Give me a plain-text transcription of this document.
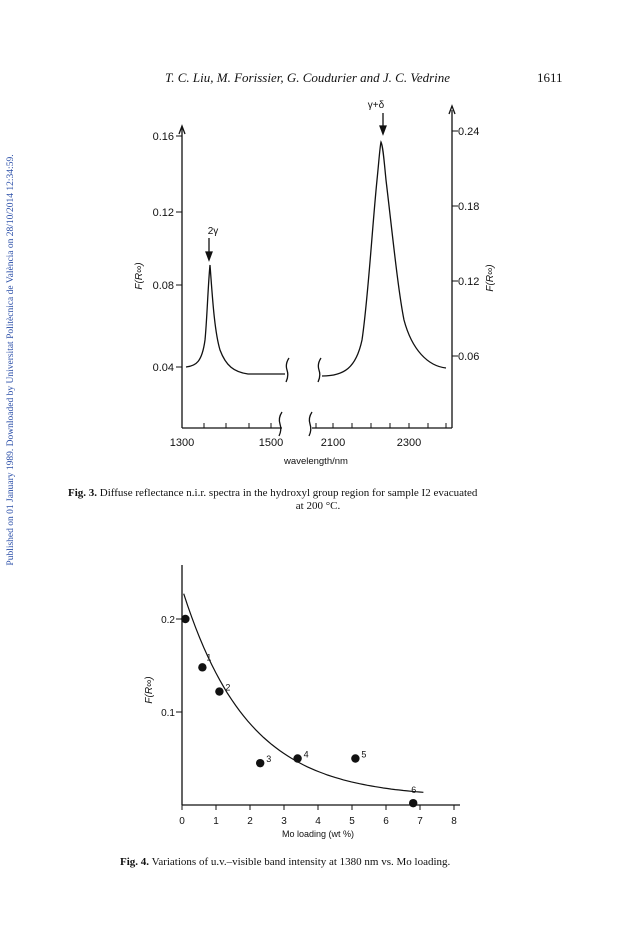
Published on 01 January 1989. Downloaded by Universitat Politècnica de València on 28/10/2014 12:34:59.
T. C. Liu, M. Forissier, G. Coudurier and J. C. Vedrine	1611
2γ
γ+δ
F(R∞)	F(R∞)
wavelength/nm
0.04
0.08
0.12
0.16
0.06
0.12
0.18
0.24
1300	1500	2100	2300
Fig. 3. Diffuse reflectance n.i.r. spectra in the hydroxyl group region for sample I2 evacuated
at 200 °C.
F(R∞)
Mo loading (wt %)
0	1	2	3	4	5	6	7	8
0.1
0.2
1
2
3	4	5
6
Fig. 4. Variations of u.v.–visible band intensity at 1380 nm vs. Mo loading.
